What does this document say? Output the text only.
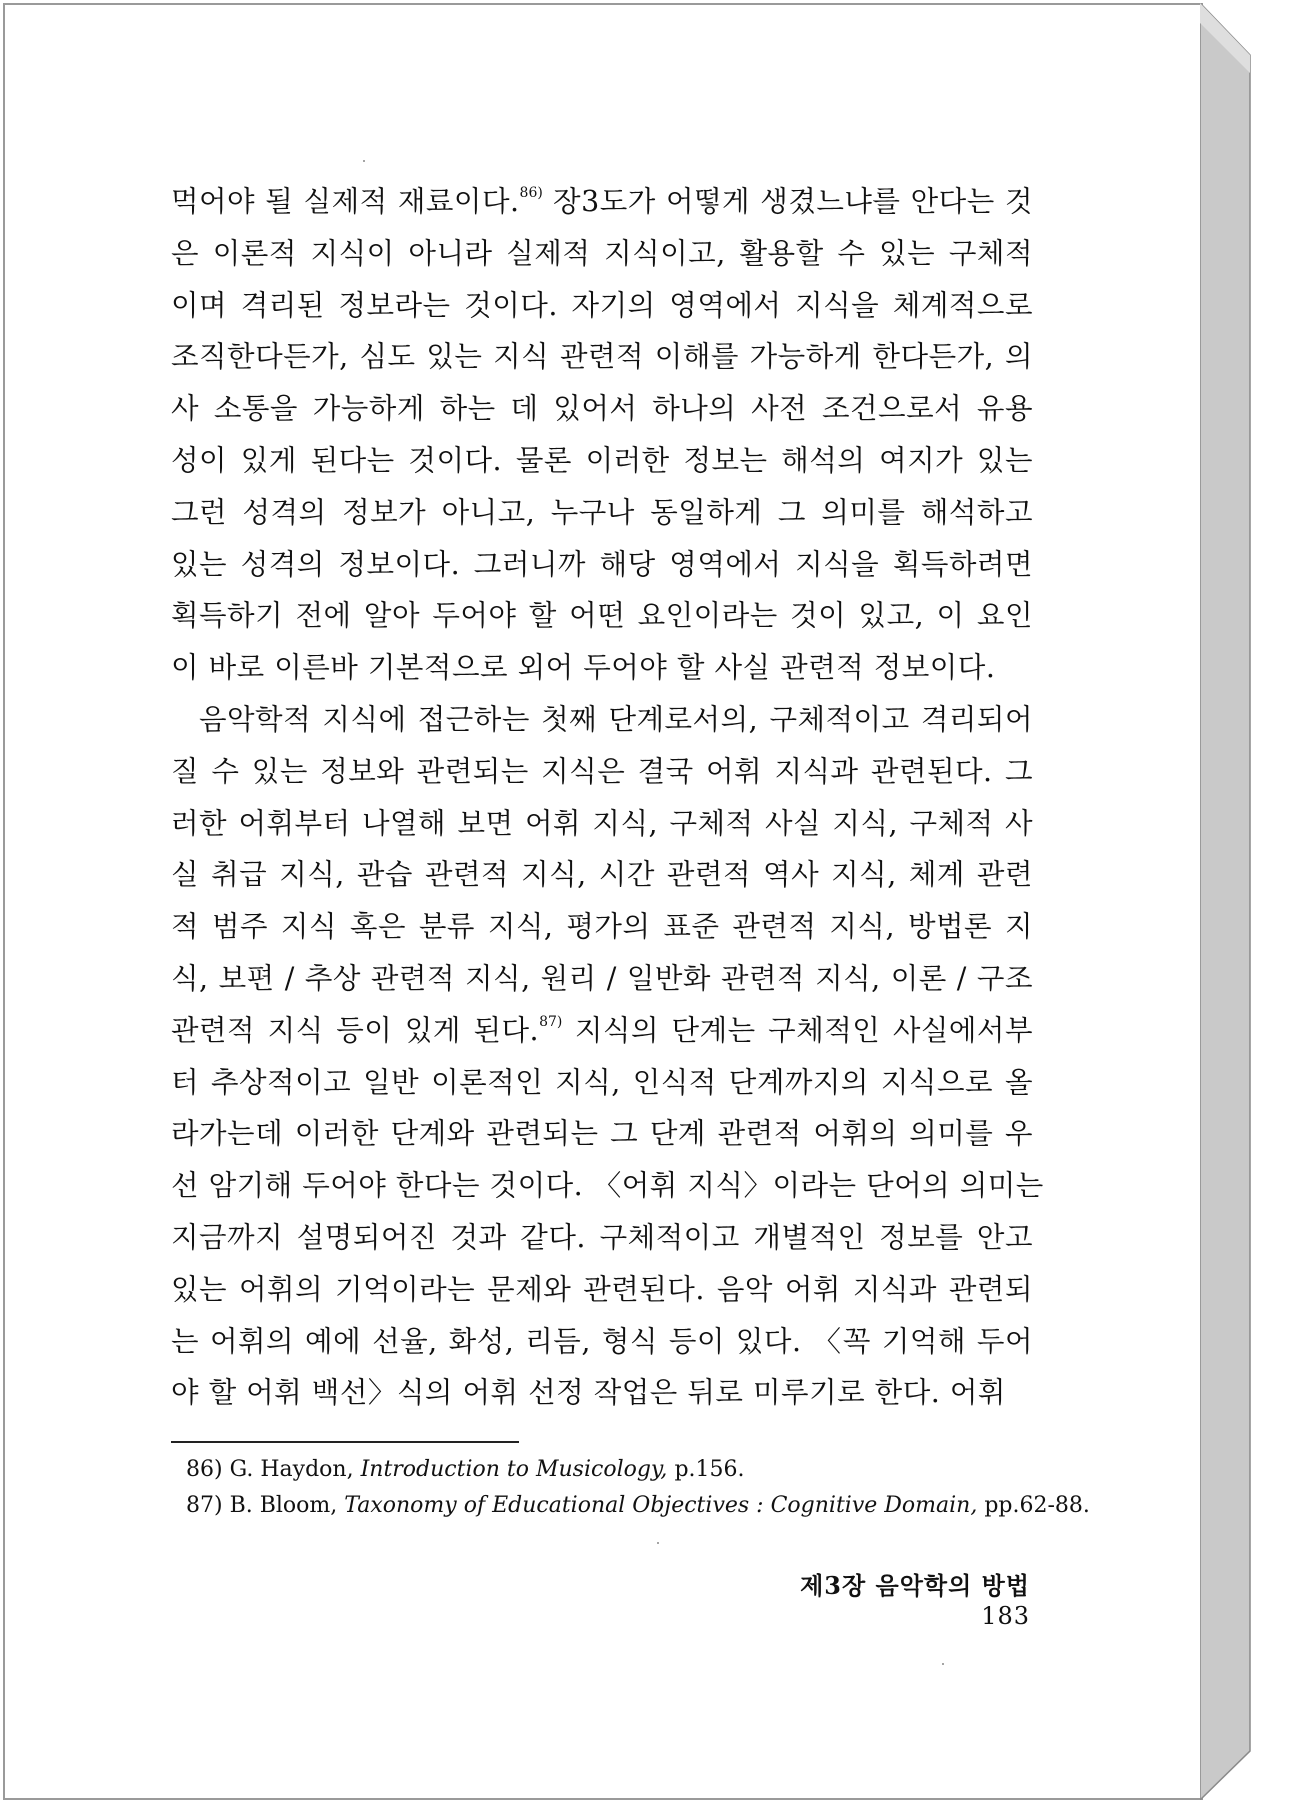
먹어야 될 실제적 재료이다.$^{86)}$ 장3도가 어떻게 생겼느냐를 안다는 것
은 이론적 지식이 아니라 실제적 지식이고, 활용할 수 있는 구체적
이며 격리된 정보라는 것이다. 자기의 영역에서 지식을 체계적으로
조직한다든가, 심도 있는 지식 관련적 이해를 가능하게 한다든가, 의
사 소통을 가능하게 하는 데 있어서 하나의 사전 조건으로서 유용
성이 있게 된다는 것이다. 물론 이러한 정보는 해석의 여지가 있는
그런 성격의 정보가 아니고, 누구나 동일하게 그 의미를 해석하고
있는 성격의 정보이다. 그러니까 해당 영역에서 지식을 획득하려면
획득하기 전에 알아 두어야 할 어떤 요인이라는 것이 있고, 이 요인
이 바로 이른바 기본적으로 외어 두어야 할 사실 관련적 정보이다.
음악학적 지식에 접근하는 첫째 단계로서의, 구체적이고 격리되어
질 수 있는 정보와 관련되는 지식은 결국 어휘 지식과 관련된다. 그
러한 어휘부터 나열해 보면 어휘 지식, 구체적 사실 지식, 구체적 사
실 취급 지식, 관습 관련적 지식, 시간 관련적 역사 지식, 체계 관련
적 범주 지식 혹은 분류 지식, 평가의 표준 관련적 지식, 방법론 지
식, 보편 / 추상 관련적 지식, 원리 / 일반화 관련적 지식, 이론 / 구조
관련적 지식 등이 있게 된다.$^{87)}$ 지식의 단계는 구체적인 사실에서부
터 추상적이고 일반 이론적인 지식, 인식적 단계까지의 지식으로 올
라가는데 이러한 단계와 관련되는 그 단계 관련적 어휘의 의미를 우
선 암기해 두어야 한다는 것이다. 〈어휘 지식〉이라는 단어의 의미는
지금까지 설명되어진 것과 같다. 구체적이고 개별적인 정보를 안고
있는 어휘의 기억이라는 문제와 관련된다. 음악 어휘 지식과 관련되
는 어휘의 예에 선율, 화성, 리듬, 형식 등이 있다. 〈꼭 기억해 두어
야 할 어휘 백선〉식의 어휘 선정 작업은 뒤로 미루기로 한다. 어휘
86) G. Haydon, Introduction to Musicology, p.156.
87) B. Bloom, Taxonomy of Educational Objectives : Cognitive Domain, pp.62-88.
제3장 음악학의 방법 183
